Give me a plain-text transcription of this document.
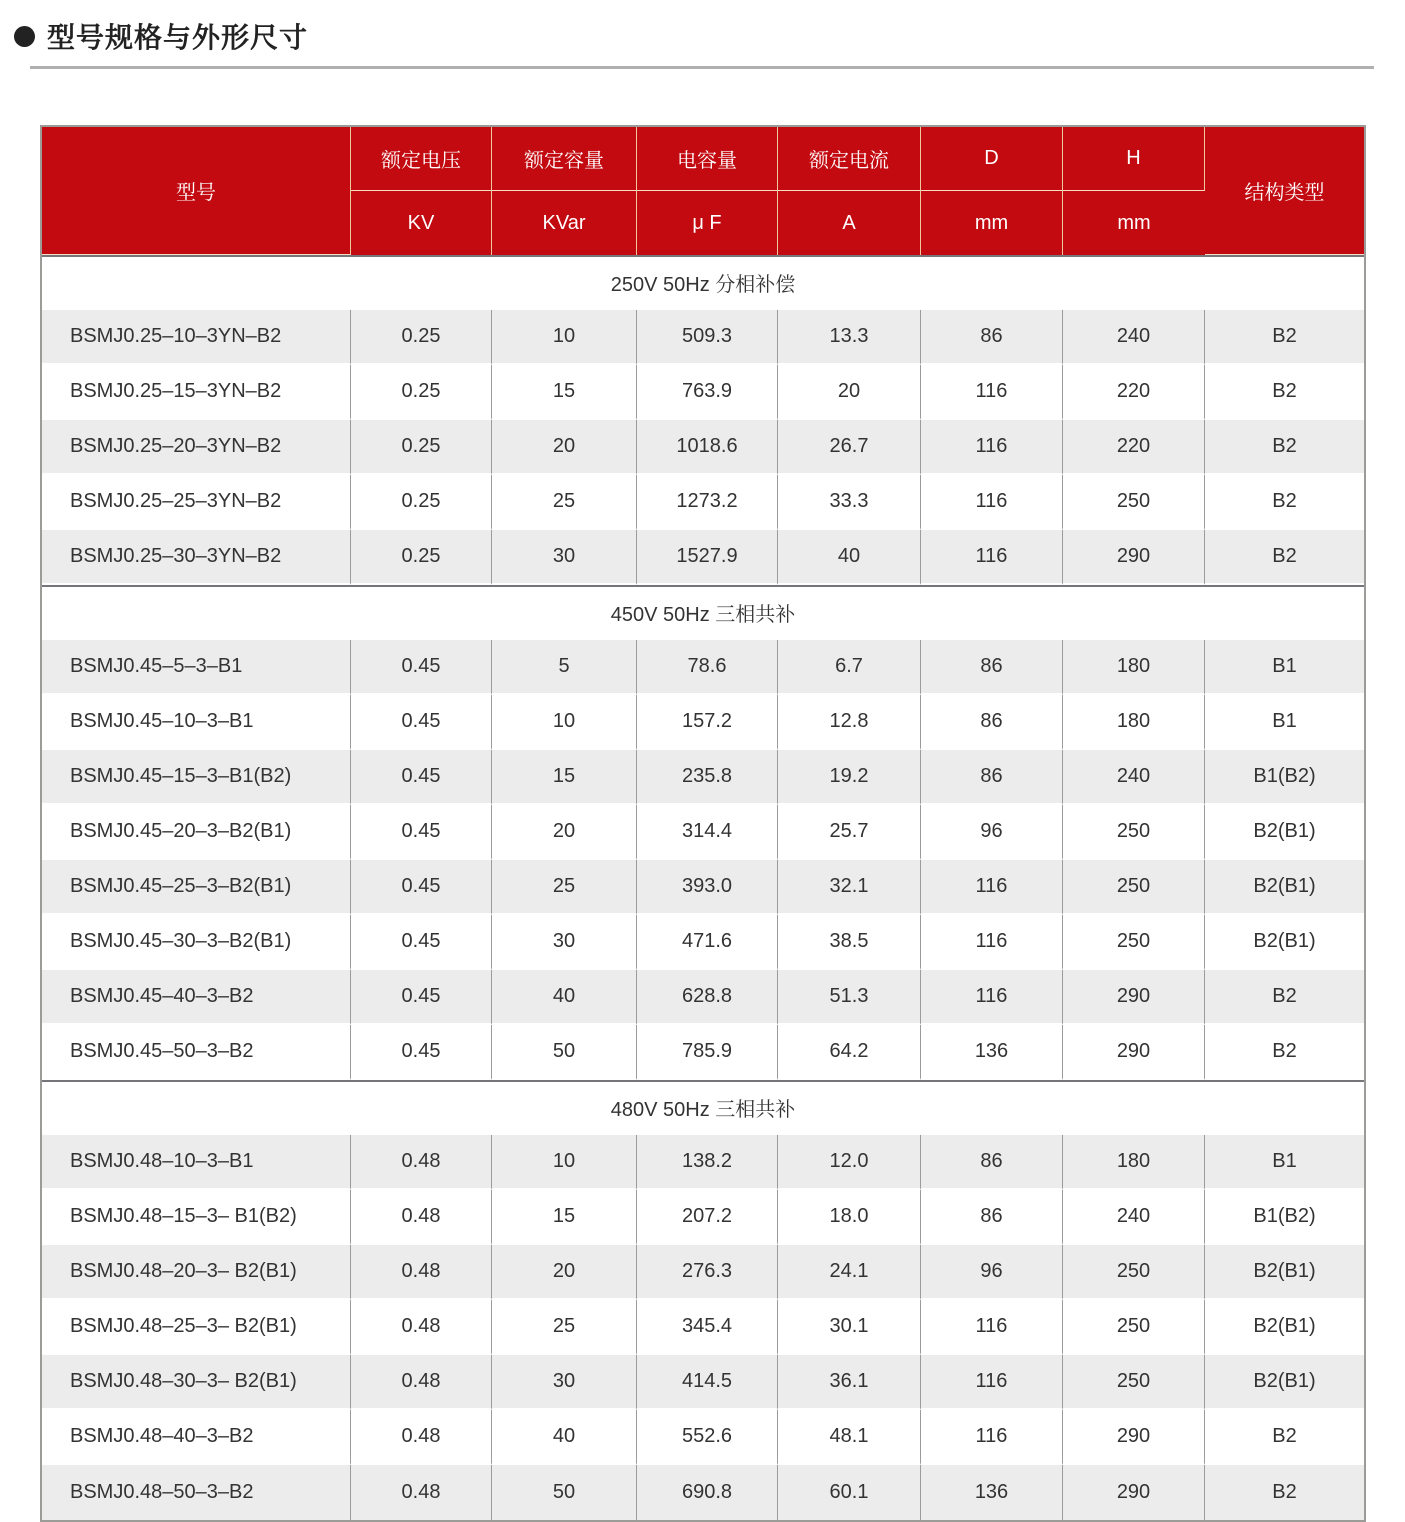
型号规格与外形尺寸
型号	额定电压	额定容量	电容量	额定电流	D	H	结构类型
	KV	KVar	μ F	A	mm	mm	
250V 50Hz 分相补偿							
BSMJ0.25–10–3YN–B2	0.25	10	509.3	13.3	86	240	B2
BSMJ0.25–15–3YN–B2	0.25	15	763.9	20	116	220	B2
BSMJ0.25–20–3YN–B2	0.25	20	1018.6	26.7	116	220	B2
BSMJ0.25–25–3YN–B2	0.25	25	1273.2	33.3	116	250	B2
BSMJ0.25–30–3YN–B2	0.25	30	1527.9	40	116	290	B2
450V 50Hz 三相共补							
BSMJ0.45–5–3–B1	0.45	5	78.6	6.7	86	180	B1
BSMJ0.45–10–3–B1	0.45	10	157.2	12.8	86	180	B1
BSMJ0.45–15–3–B1(B2)	0.45	15	235.8	19.2	86	240	B1(B2)
BSMJ0.45–20–3–B2(B1)	0.45	20	314.4	25.7	96	250	B2(B1)
BSMJ0.45–25–3–B2(B1)	0.45	25	393.0	32.1	116	250	B2(B1)
BSMJ0.45–30–3–B2(B1)	0.45	30	471.6	38.5	116	250	B2(B1)
BSMJ0.45–40–3–B2	0.45	40	628.8	51.3	116	290	B2
BSMJ0.45–50–3–B2	0.45	50	785.9	64.2	136	290	B2
480V 50Hz 三相共补							
BSMJ0.48–10–3–B1	0.48	10	138.2	12.0	86	180	B1
BSMJ0.48–15–3– B1(B2)	0.48	15	207.2	18.0	86	240	B1(B2)
BSMJ0.48–20–3– B2(B1)	0.48	20	276.3	24.1	96	250	B2(B1)
BSMJ0.48–25–3– B2(B1)	0.48	25	345.4	30.1	116	250	B2(B1)
BSMJ0.48–30–3– B2(B1)	0.48	30	414.5	36.1	116	250	B2(B1)
BSMJ0.48–40–3–B2	0.48	40	552.6	48.1	116	290	B2
BSMJ0.48–50–3–B2	0.48	50	690.8	60.1	136	290	B2
